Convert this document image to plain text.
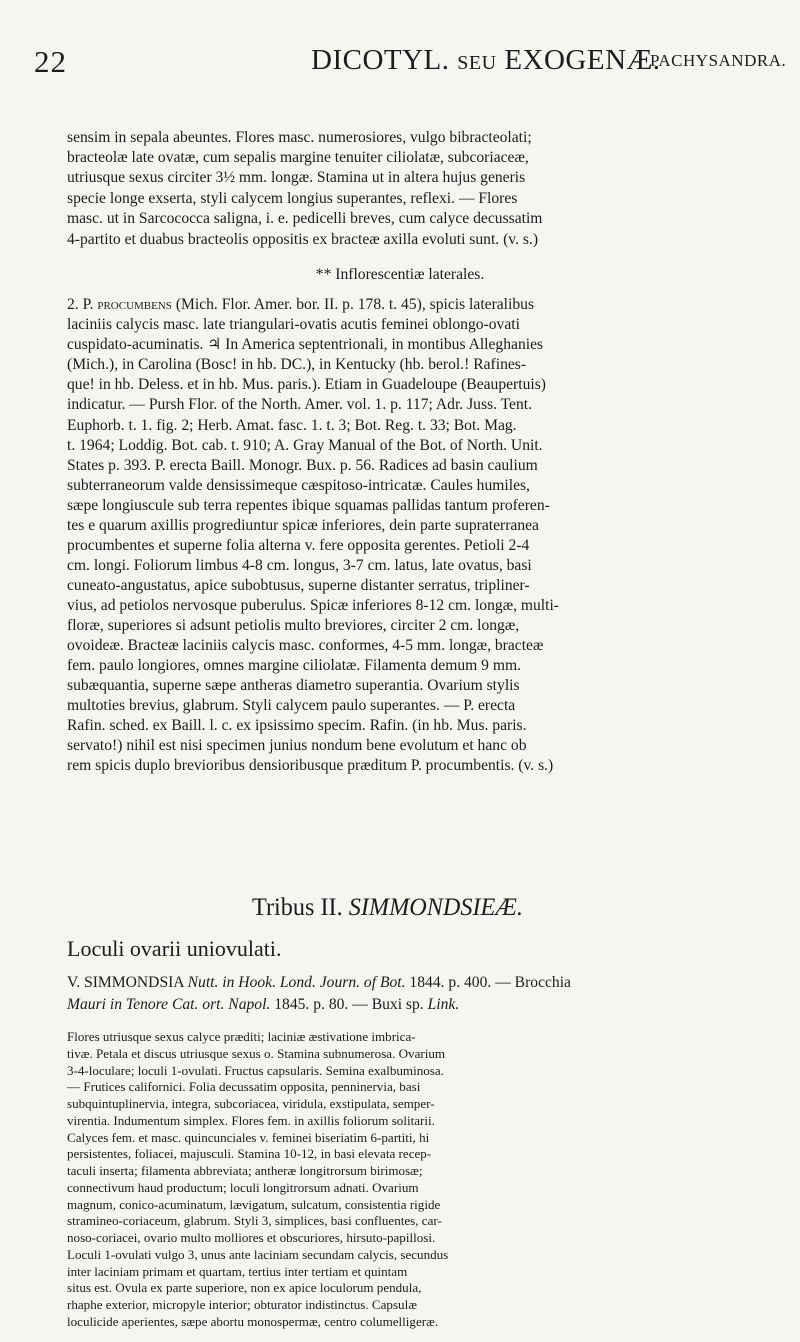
22	DICOTYL. SEU EXOGENÆ.
PACHYSANDRA.
sensim in sepala abeuntes. Flores masc. numerosiores, vulgo bibracteolati;
bracteolæ late ovatæ, cum sepalis margine tenuiter ciliolatæ, subcoriaceæ,
utriusque sexus circiter 3½ mm. longæ. Stamina ut in altera hujus generis
specie longe exserta, styli calycem longius superantes, reflexi. — Flores
masc. ut in Sarcococca saligna, i. e. pedicelli breves, cum calyce decussatim
4-partito et duabus bracteolis oppositis ex bracteæ axilla evoluti sunt. (v. s.)
** Inflorescentiæ laterales.
2. P. procumbens (Mich. Flor. Amer. bor. II. p. 178. t. 45), spicis lateralibus
laciniis calycis masc. late triangulari-ovatis acutis feminei oblongo-ovati
cuspidato-acuminatis. ♃ In America septentrionali, in montibus Alleghanies
(Mich.), in Carolina (Bosc! in hb. DC.), in Kentucky (hb. berol.! Rafines-
que! in hb. Deless. et in hb. Mus. paris.). Etiam in Guadeloupe (Beaupertuis)
indicatur. — Pursh Flor. of the North. Amer. vol. 1. p. 117; Adr. Juss. Tent.
Euphorb. t. 1. fig. 2; Herb. Amat. fasc. 1. t. 3; Bot. Reg. t. 33; Bot. Mag.
t. 1964; Loddig. Bot. cab. t. 910; A. Gray Manual of the Bot. of North. Unit.
States p. 393. P. erecta Baill. Monogr. Bux. p. 56. Radices ad basin caulium
subterraneorum valde densissimeque cæspitoso-intricatæ. Caules humiles,
sæpe longiuscule sub terra repentes ibique squamas pallidas tantum proferen-
tes e quarum axillis progrediuntur spicæ inferiores, dein parte supraterranea
procumbentes et superne folia alterna v. fere opposita gerentes. Petioli 2-4
cm. longi. Foliorum limbus 4-8 cm. longus, 3-7 cm. latus, late ovatus, basi
cuneato-angustatus, apice subobtusus, superne distanter serratus, tripliner-
vius, ad petiolos nervosque puberulus. Spicæ inferiores 8-12 cm. longæ, multi-
floræ, superiores si adsunt petiolis multo breviores, circiter 2 cm. longæ,
ovoideæ. Bracteæ laciniis calycis masc. conformes, 4-5 mm. longæ, bracteæ
fem. paulo longiores, omnes margine ciliolatæ. Filamenta demum 9 mm.
subæquantia, superne sæpe antheras diametro superantia. Ovarium stylis
multoties brevius, glabrum. Styli calycem paulo superantes. — P. erecta
Rafin. sched. ex Baill. l. c. ex ipsissimo specim. Rafin. (in hb. Mus. paris.
servato!) nihil est nisi specimen junius nondum bene evolutum et hanc ob
rem spicis duplo brevioribus densioribusque præditum P. procumbentis. (v. s.)
Tribus II. SIMMONDSIEÆ.
Loculi ovarii uniovulati.
V. SIMMONDSIA Nutt. in Hook. Lond. Journ. of Bot. 1844. p. 400. — Brocchia
Mauri in Tenore Cat. ort. Napol. 1845. p. 80. — Buxi sp. Link.
Flores utriusque sexus calyce præditi; laciniæ æstivatione imbrica-
tivæ. Petala et discus utriusque sexus o. Stamina subnumerosa. Ovarium
3-4-loculare; loculi 1-ovulati. Fructus capsularis. Semina exalbuminosa.
— Frutices californici. Folia decussatim opposita, penninervia, basi
subquintuplinervia, integra, subcoriacea, viridula, exstipulata, semper-
virentia. Indumentum simplex. Flores fem. in axillis foliorum solitarii.
Calyces fem. et masc. quincunciales v. feminei biseriatim 6-partiti, hi
persistentes, foliacei, majusculi. Stamina 10-12, in basi elevata recep-
taculi inserta; filamenta abbreviata; antheræ longitrorsum birimosæ;
connectivum haud productum; loculi longitrorsum adnati. Ovarium
magnum, conico-acuminatum, lævigatum, sulcatum, consistentia rigide
stramineo-coriaceum, glabrum. Styli 3, simplices, basi confluentes, car-
noso-coriacei, ovario multo molliores et obscuriores, hirsuto-papillosi.
Loculi 1-ovulati vulgo 3, unus ante laciniam secundam calycis, secundus
inter laciniam primam et quartam, tertius inter tertiam et quintam
situs est. Ovula ex parte superiore, non ex apice loculorum pendula,
rhaphe exterior, micropyle interior; obturator indistinctus. Capsulæ
loculicide aperientes, sæpe abortu monospermæ, centro columelligeræ.
